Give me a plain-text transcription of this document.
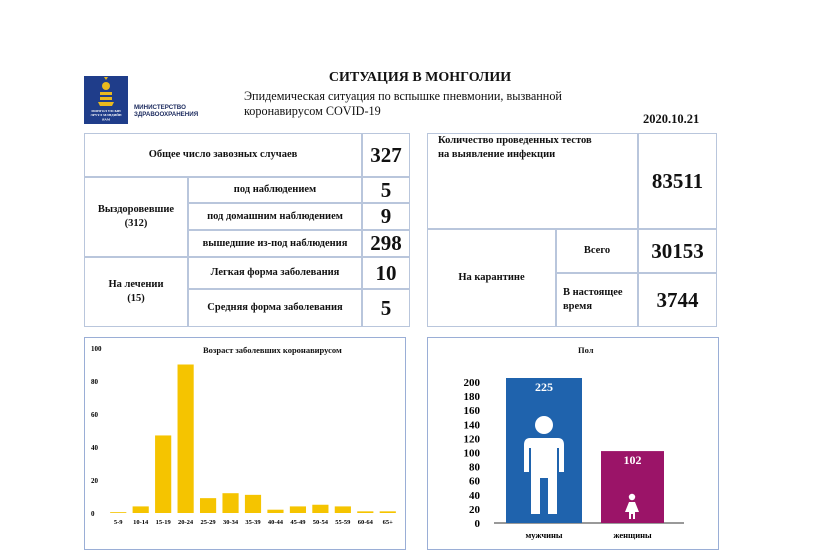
МОНГОЛ УЛСЫН
ЭРҮҮЛ МЭНДИЙН
ЯАМ
МИНИСТЕРСТВО
ЗДРАВООХРАНЕНИЯ
СИТУАЦИЯ В МОНГОЛИИ
Эпидемическая ситуация по вспышке пневмонии, вызванной
коронавирусом COVID-19
2020.10.21
Общее число завозных случаев	327
Выздоровевшие
(312)
под наблюдением	5
под домашним наблюдением	9
вышедшие из-под наблюдения	298
На лечении
(15)
Легкая форма заболевания	10
Средняя форма заболевания	5
Количество проведенных тестов
на выявление инфекции
83511
На карантине
Всего	30153
В настоящее
время	3744
Возраст заболевших коронавирусом
0
20
40
60
80
100
5-9 10-14 15-19 20-24 25-29 30-34 35-39 40-44 45-49 50-54 55-59 60-64 65+
Пол
0
20
40
60
80
100
120
140
160
180
200	225
мужчины
102
женщины
